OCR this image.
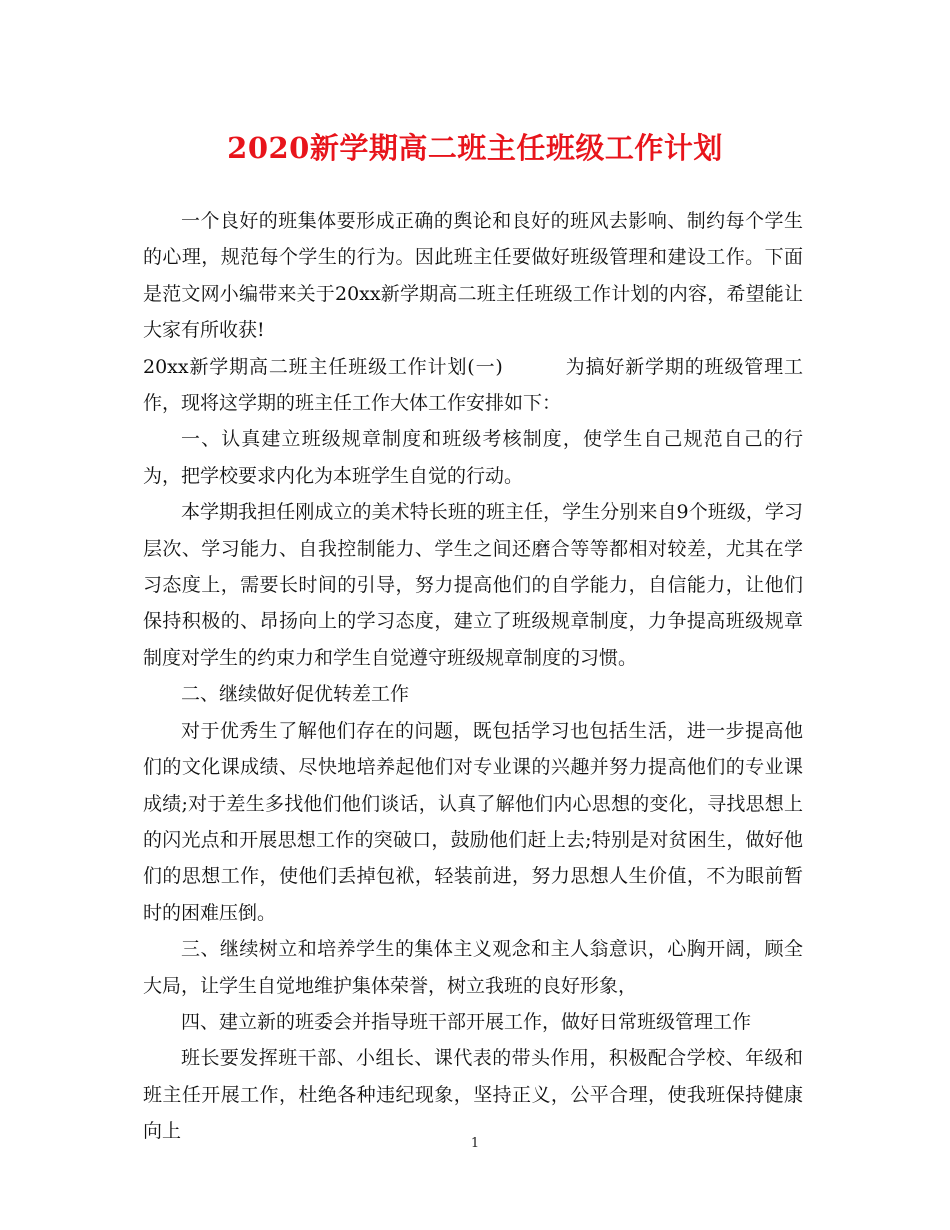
2020新学期高二班主任班级工作计划

一个良好的班集体要形成正确的舆论和良好的班风去影响、制约每个学生的心理，规范每个学生的行为。因此班主任要做好班级管理和建设工作。下面是范文网小编带来关于20xx新学期高二班主任班级工作计划的内容，希望能让大家有所收获!

20xx新学期高二班主任班级工作计划(一)	为搞好新学期的班级管理工作，现将这学期的班主任工作大体工作安排如下：

一、认真建立班级规章制度和班级考核制度，使学生自己规范自己的行为，把学校要求内化为本班学生自觉的行动。

本学期我担任刚成立的美术特长班的班主任，学生分别来自9个班级，学习层次、学习能力、自我控制能力、学生之间还磨合等等都相对较差，尤其在学习态度上，需要长时间的引导，努力提高他们的自学能力，自信能力，让他们保持积极的、昂扬向上的学习态度，建立了班级规章制度，力争提高班级规章制度对学生的约束力和学生自觉遵守班级规章制度的习惯。

二、继续做好促优转差工作

对于优秀生了解他们存在的问题，既包括学习也包括生活，进一步提高他们的文化课成绩、尽快地培养起他们对专业课的兴趣并努力提高他们的专业课成绩;对于差生多找他们他们谈话，认真了解他们内心思想的变化，寻找思想上的闪光点和开展思想工作的突破口，鼓励他们赶上去;特别是对贫困生，做好他们的思想工作，使他们丢掉包袱，轻装前进，努力思想人生价值，不为眼前暂时的困难压倒。

三、继续树立和培养学生的集体主义观念和主人翁意识，心胸开阔，顾全大局，让学生自觉地维护集体荣誉，树立我班的良好形象，

四、建立新的班委会并指导班干部开展工作，做好日常班级管理工作

班长要发挥班干部、小组长、课代表的带头作用，积极配合学校、年级和班主任开展工作，杜绝各种违纪现象，坚持正义，公平合理，使我班保持健康向上

1
